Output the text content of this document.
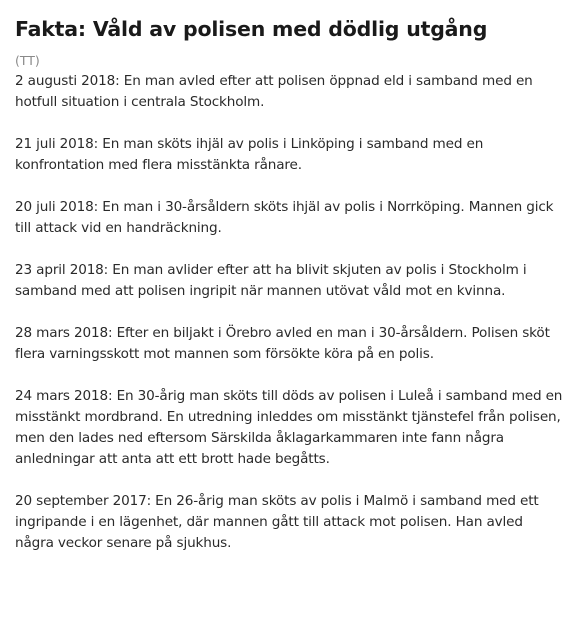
Fakta: Våld av polisen med dödlig utgång
(TT)

2 augusti 2018: En man avled efter att polisen öppnad eld i samband med en hotfull situation i centrala Stockholm.

21 juli 2018: En man sköts ihjäl av polis i Linköping i samband med en konfrontation med flera misstänkta rånare.

20 juli 2018: En man i 30-årsåldern sköts ihjäl av polis i Norrköping. Mannen gick till attack vid en handräckning.

23 april 2018: En man avlider efter att ha blivit skjuten av polis i Stockholm i samband med att polisen ingripit när mannen utövat våld mot en kvinna.

28 mars 2018: Efter en biljakt i Örebro avled en man i 30-årsåldern. Polisen sköt flera varningsskott mot mannen som försökte köra på en polis.

24 mars 2018: En 30-årig man sköts till döds av polisen i Luleå i samband med en misstänkt mordbrand. En utredning inleddes om misstänkt tjänstefel från polisen, men den lades ned eftersom Särskilda åklagarkammaren inte fann några anledningar att anta att ett brott hade begåtts.

20 september 2017: En 26-årig man sköts av polis i Malmö i samband med ett ingripande i en lägenhet, där mannen gått till attack mot polisen. Han avled några veckor senare på sjukhus.
